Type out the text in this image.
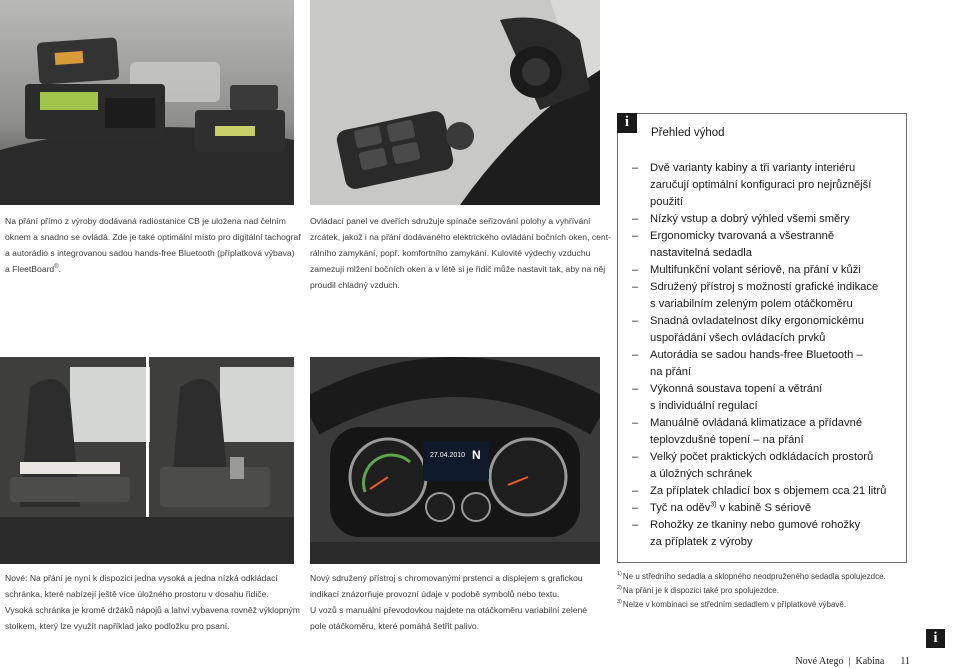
27.04.2010 N
Na přání přímo z výroby dodávaná radiostanice CB je uložena nad čelním
oknem a snadno se ovládá. Zde je také optimální místo pro digitální tachograf
a autorádio s integrovanou sadou hands-free Bluetooth (příplatková výbava)
a FleetBoard®.
Ovládací panel ve dveřích sdružuje spínače seřizování polohy a vyhřívání
zrcátek, jakož i na přání dodávaného elektrického ovládání bočních oken, cent-
rálního zamykání, popř. komfortního zamykání. Kulovité výdechy vzduchu
zamezují mlžení bočních oken a v létě si je řidič může nastavit tak, aby na něj
proudil chladný vzduch.
Nové: Na přání je nyní k dispozici jedna vysoká a jedna nízká odkládací
schránka, které nabízejí ještě více úložného prostoru v dosahu řidiče.
Vysoká schránka je kromě držáků nápojů a lahví vybavena rovněž výklopným
stolkem, který lze využít například jako podložku pro psaní.
Nový sdružený přístroj s chromovanými prstenci a displejem s grafickou
indikací znázorňuje provozní údaje v podobě symbolů nebo textu.
U vozů s manuální převodovkou najdete na otáčkoměru variabilní zelené
pole otáčkoměru, které pomáhá šetřit palivo.
i
Přehled výhod
– Dvě varianty kabiny a tři varianty interiéru
zaručují optimální konfiguraci pro nejrůznější
použití
– Nízký vstup a dobrý výhled všemi směry
– Ergonomicky tvarovaná a všestranně
nastavitelná sedadla
– Multifunkční volant sériově, na přání v kůži
– Sdružený přístroj s možností grafické indikace
s variabilním zeleným polem otáčkoměru
– Snadná ovladatelnost díky ergonomickému
uspořádání všech ovládacích prvků
– Autorádia se sadou hands-free Bluetooth –
na přání
– Výkonná soustava topení a větrání
s individuální regulací
– Manuálně ovládaná klimatizace a přídavné
teplovzdušné topení – na přání
– Velký počet praktických odkládacích prostorů
a úložných schránek
– Za příplatek chladicí box s objemem cca 21 litrů
– Tyč na oděv$^{3)}$ v kabině S sériově
– Rohožky ze tkaniny nebo gumové rohožky
za příplatek z výroby
$^{1)}$Ne u středního sedadla a sklopného neodpruženého sedadla spolujezdce.
$^{2)}$Na přání je k dispozici také pro spolujezdce.
$^{3)}$Nelze v kombinaci se středním sedadlem v příplatkové výbavě.
i
Nové Atego | Kabina 11
